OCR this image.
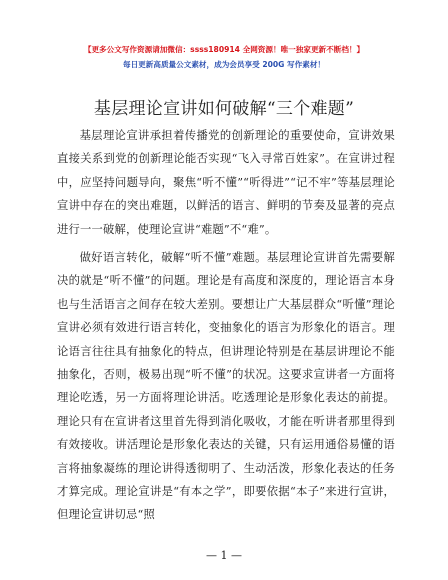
【更多公文写作资源请加微信：ssss180914 全网资源！唯一独家更新不断档！】
每日更新高质量公文素材，成为会员享受 200G 写作素材！
基层理论宣讲如何破解“三个难题”

基层理论宣讲承担着传播党的创新理论的重要使命，宣讲效果直接关系到党的创新理论能否实现“飞入寻常百姓家”。在宣讲过程中，应坚持问题导向，聚焦“听不懂”“听得进”“记不牢”等基层理论宣讲中存在的突出难题，以鲜活的语言、鲜明的节奏及显著的亮点进行一一破解，使理论宣讲“难题”不“难”。

做好语言转化，破解“听不懂”难题。基层理论宣讲首先需要解决的就是“听不懂”的问题。理论是有高度和深度的，理论语言本身也与生活语言之间存在较大差别。要想让广大基层群众“听懂”理论宣讲必须有效进行语言转化，变抽象化的语言为形象化的语言。理论语言往往具有抽象化的特点，但讲理论特别是在基层讲理论不能抽象化，否则，极易出现“听不懂”的状况。这要求宣讲者一方面将理论吃透，另一方面将理论讲活。吃透理论是形象化表达的前提。理论只有在宣讲者这里首先得到消化吸收，才能在听讲者那里得到有效接收。讲活理论是形象化表达的关键，只有运用通俗易懂的语言将抽象凝练的理论讲得透彻明了、生动活泼，形象化表达的任务才算完成。理论宣讲是“有本之学”，即要依据“本子”来进行宣讲，但理论宣讲切忌“照

— 1 —
